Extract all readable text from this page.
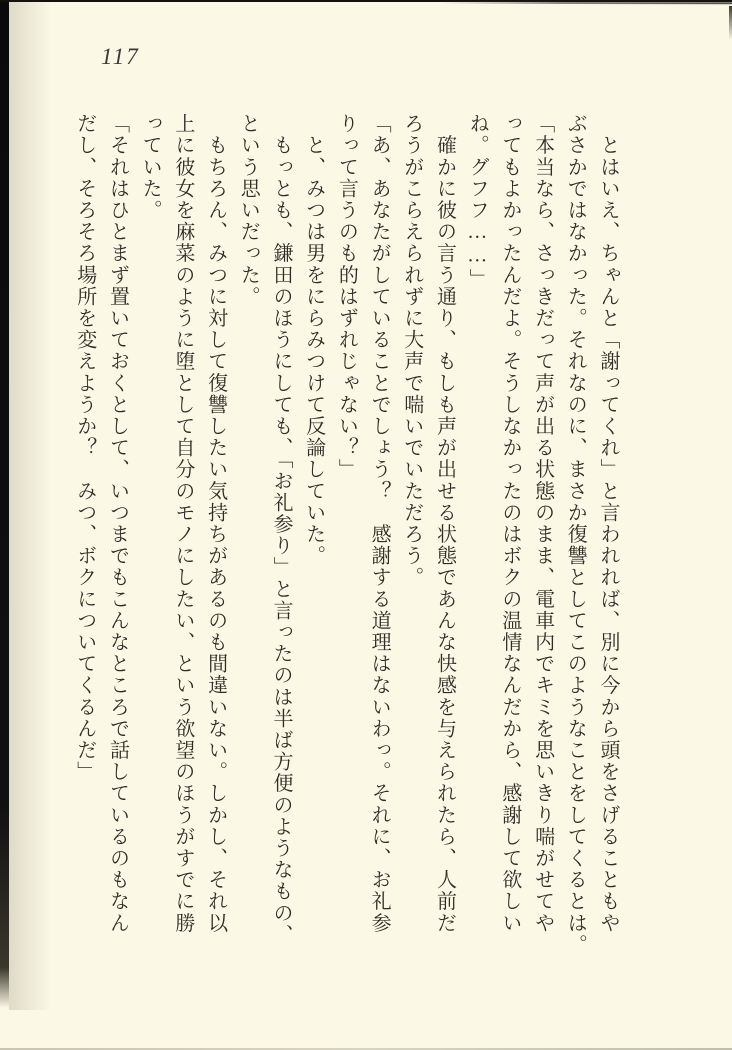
117
　とはいえ、ちゃんと「謝ってくれ」と言われれば、別に今から頭をさげることもや
ぶさかではなかった。それなのに、まさか復讐としてこのようなことをしてくるとは。
「本当なら、さっきだって声が出る状態のまま、電車内でキミを思いきり喘がせてや
ってもよかったんだよ。そうしなかったのはボクの温情なんだから、感謝して欲しい
ね。グフフ……」
　確かに彼の言う通り、もしも声が出せる状態であんな快感を与えられたら、人前だ
ろうがこらえられずに大声で喘いでいただろう。
「あ、あなたがしていることでしょう？　感謝する道理はないわっ。それに、お礼参
りって言うのも的はずれじゃない？」
　と、みつは男をにらみつけて反論していた。
　もっとも、鎌田のほうにしても、「お礼参り」と言ったのは半ば方便のようなもの、
という思いだった。
　もちろん、みつに対して復讐したい気持ちがあるのも間違いない。しかし、それ以
上に彼女を麻菜のように堕として自分のモノにしたい、という欲望のほうがすでに勝
っていた。
「それはひとまず置いておくとして、いつまでもこんなところで話しているのもなん
だし、そろそろ場所を変えようか？　みつ、ボクについてくるんだ」
